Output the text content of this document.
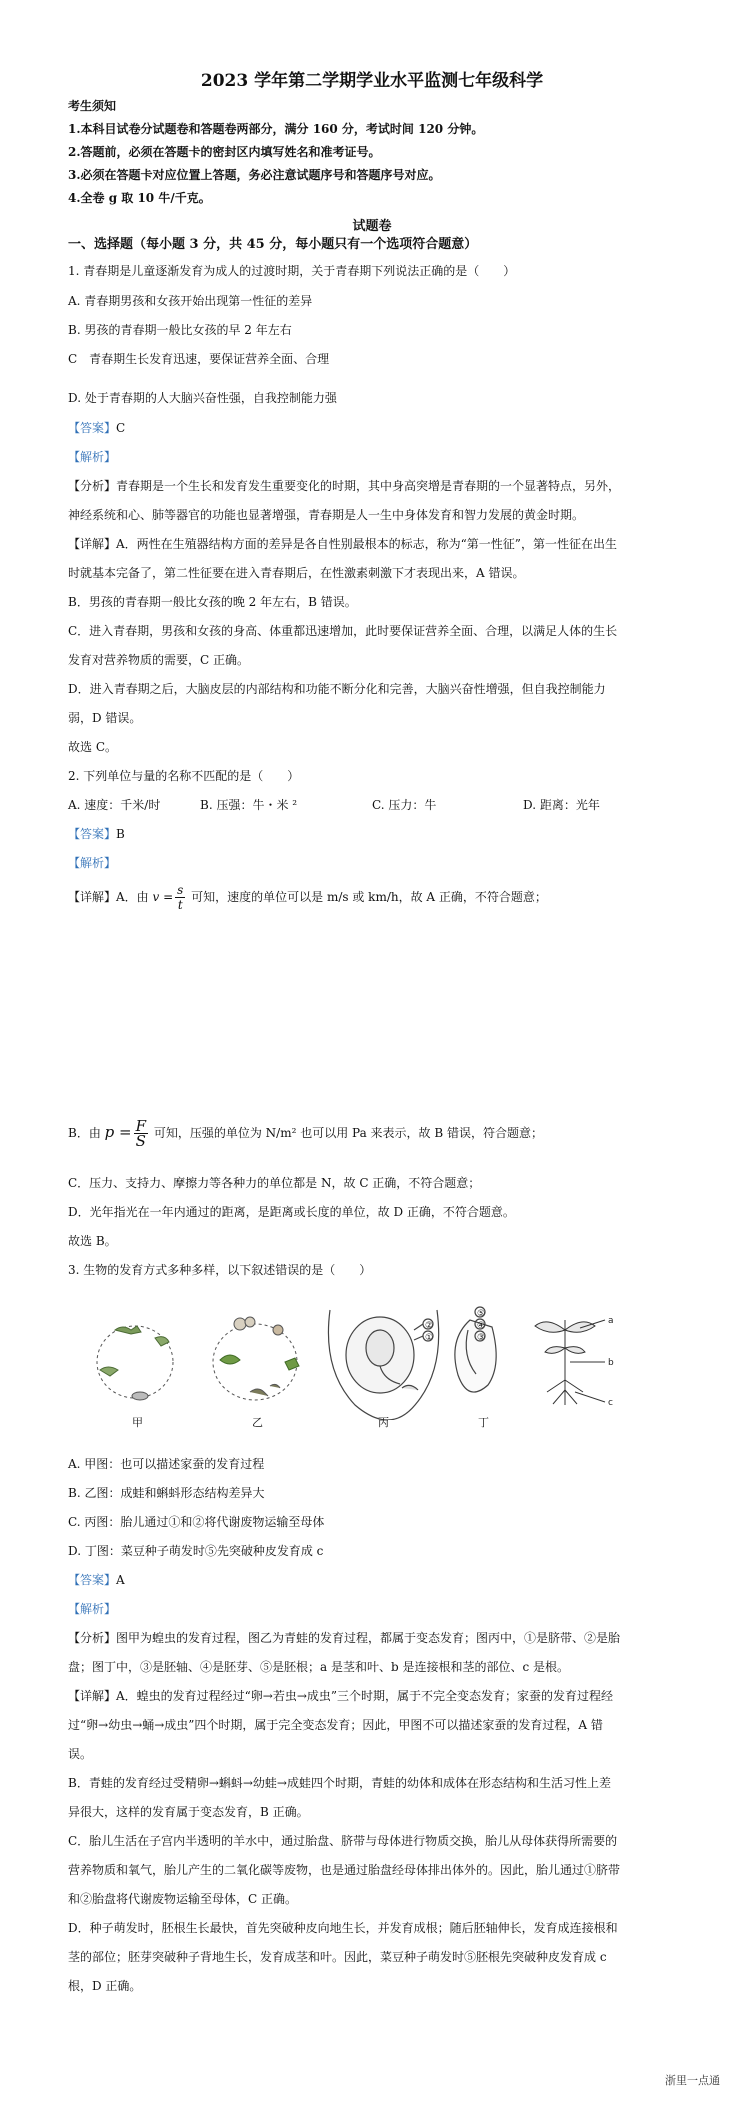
2023 学年第二学期学业水平监测七年级科学
考生须知
1.本科目试卷分试题卷和答题卷两部分，满分 160 分，考试时间 120 分钟。
2.答题前，必须在答题卡的密封区内填写姓名和准考证号。
3.必须在答题卡对应位置上答题，务必注意试题序号和答题序号对应。
4.全卷 g 取 10 牛/千克。
试题卷
一、选择题（每小题 3 分，共 45 分，每小题只有一个选项符合题意）
1. 青春期是儿童逐渐发育为成人的过渡时期，关于青春期下列说法正确的是（　　）
A. 青春期男孩和女孩开始出现第一性征的差异
B. 男孩的青春期一般比女孩的早 2 年左右
C　青春期生长发育迅速，要保证营养全面、合理
D. 处于青春期的人大脑兴奋性强，自我控制能力强
【答案】C
【解析】
【分析】青春期是一个生长和发育发生重要变化的时期，其中身高突增是青春期的一个显著特点，另外，
神经系统和心、肺等器官的功能也显著增强，青春期是人一生中身体发育和智力发展的黄金时期。
【详解】A．两性在生殖器结构方面的差异是各自性别最根本的标志，称为“第一性征”，第一性征在出生
时就基本完备了，第二性征要在进入青春期后，在性激素刺激下才表现出来，A 错误。
B．男孩的青春期一般比女孩的晚 2 年左右，B 错误。
C．进入青春期，男孩和女孩的身高、体重都迅速增加，此时要保证营养全面、合理，以满足人体的生长
发育对营养物质的需要，C 正确。
D．进入青春期之后，大脑皮层的内部结构和功能不断分化和完善，大脑兴奋性增强，但自我控制能力
弱，D 错误。
故选 C。
2. 下列单位与量的名称不匹配的是（　　）
A. 速度：千米/时	B. 压强：牛・米 ²	C. 压力：牛	D. 距离：光年
【答案】B
【解析】
【详解】A．由 $v = \frac{s}{t}$ 可知，速度的单位可以是 m/s 或 km/h，故 A 正确，不符合题意；
B．由 $p = \frac{F}{S}$ 可知，压强的单位为 N/m² 也可以用 Pa 来表示，故 B 错误，符合题意；
C．压力、支持力、摩擦力等各种力的单位都是 N，故 C 正确，不符合题意；
D．光年指光在一年内通过的距离，是距离或长度的单位，故 D 正确，不符合题意。
故选 B。
3. 生物的发育方式多种多样，以下叙述错误的是（　　）
a
b
c
①
②
③
④
⑤
甲	乙	丙	丁
A. 甲图：也可以描述家蚕的发育过程
B. 乙图：成蛙和蝌蚪形态结构差异大
C. 丙图：胎儿通过①和②将代谢废物运输至母体
D. 丁图：菜豆种子萌发时⑤先突破种皮发育成 c
【答案】A
【解析】
【分析】图甲为蝗虫的发育过程，图乙为青蛙的发育过程，都属于变态发育；图丙中，①是脐带、②是胎
盘；图丁中，③是胚轴、④是胚芽、⑤是胚根；a 是茎和叶、b 是连接根和茎的部位、c 是根。
【详解】A．蝗虫的发育过程经过“卵→若虫→成虫”三个时期，属于不完全变态发育；家蚕的发育过程经
过“卵→幼虫→蛹→成虫”四个时期，属于完全变态发育；因此，甲图不可以描述家蚕的发育过程，A 错
误。
B．青蛙的发育经过受精卵→蝌蚪→幼蛙→成蛙四个时期，青蛙的幼体和成体在形态结构和生活习性上差
异很大，这样的发育属于变态发育，B 正确。
C．胎儿生活在子宫内半透明的羊水中，通过胎盘、脐带与母体进行物质交换，胎儿从母体获得所需要的
营养物质和氧气，胎儿产生的二氧化碳等废物，也是通过胎盘经母体排出体外的。因此，胎儿通过①脐带
和②胎盘将代谢废物运输至母体，C 正确。
D．种子萌发时，胚根生长最快，首先突破种皮向地生长，并发育成根；随后胚轴伸长，发育成连接根和
茎的部位；胚芽突破种子背地生长，发育成茎和叶。因此，菜豆种子萌发时⑤胚根先突破种皮发育成 c
根，D 正确。
浙里一点通
